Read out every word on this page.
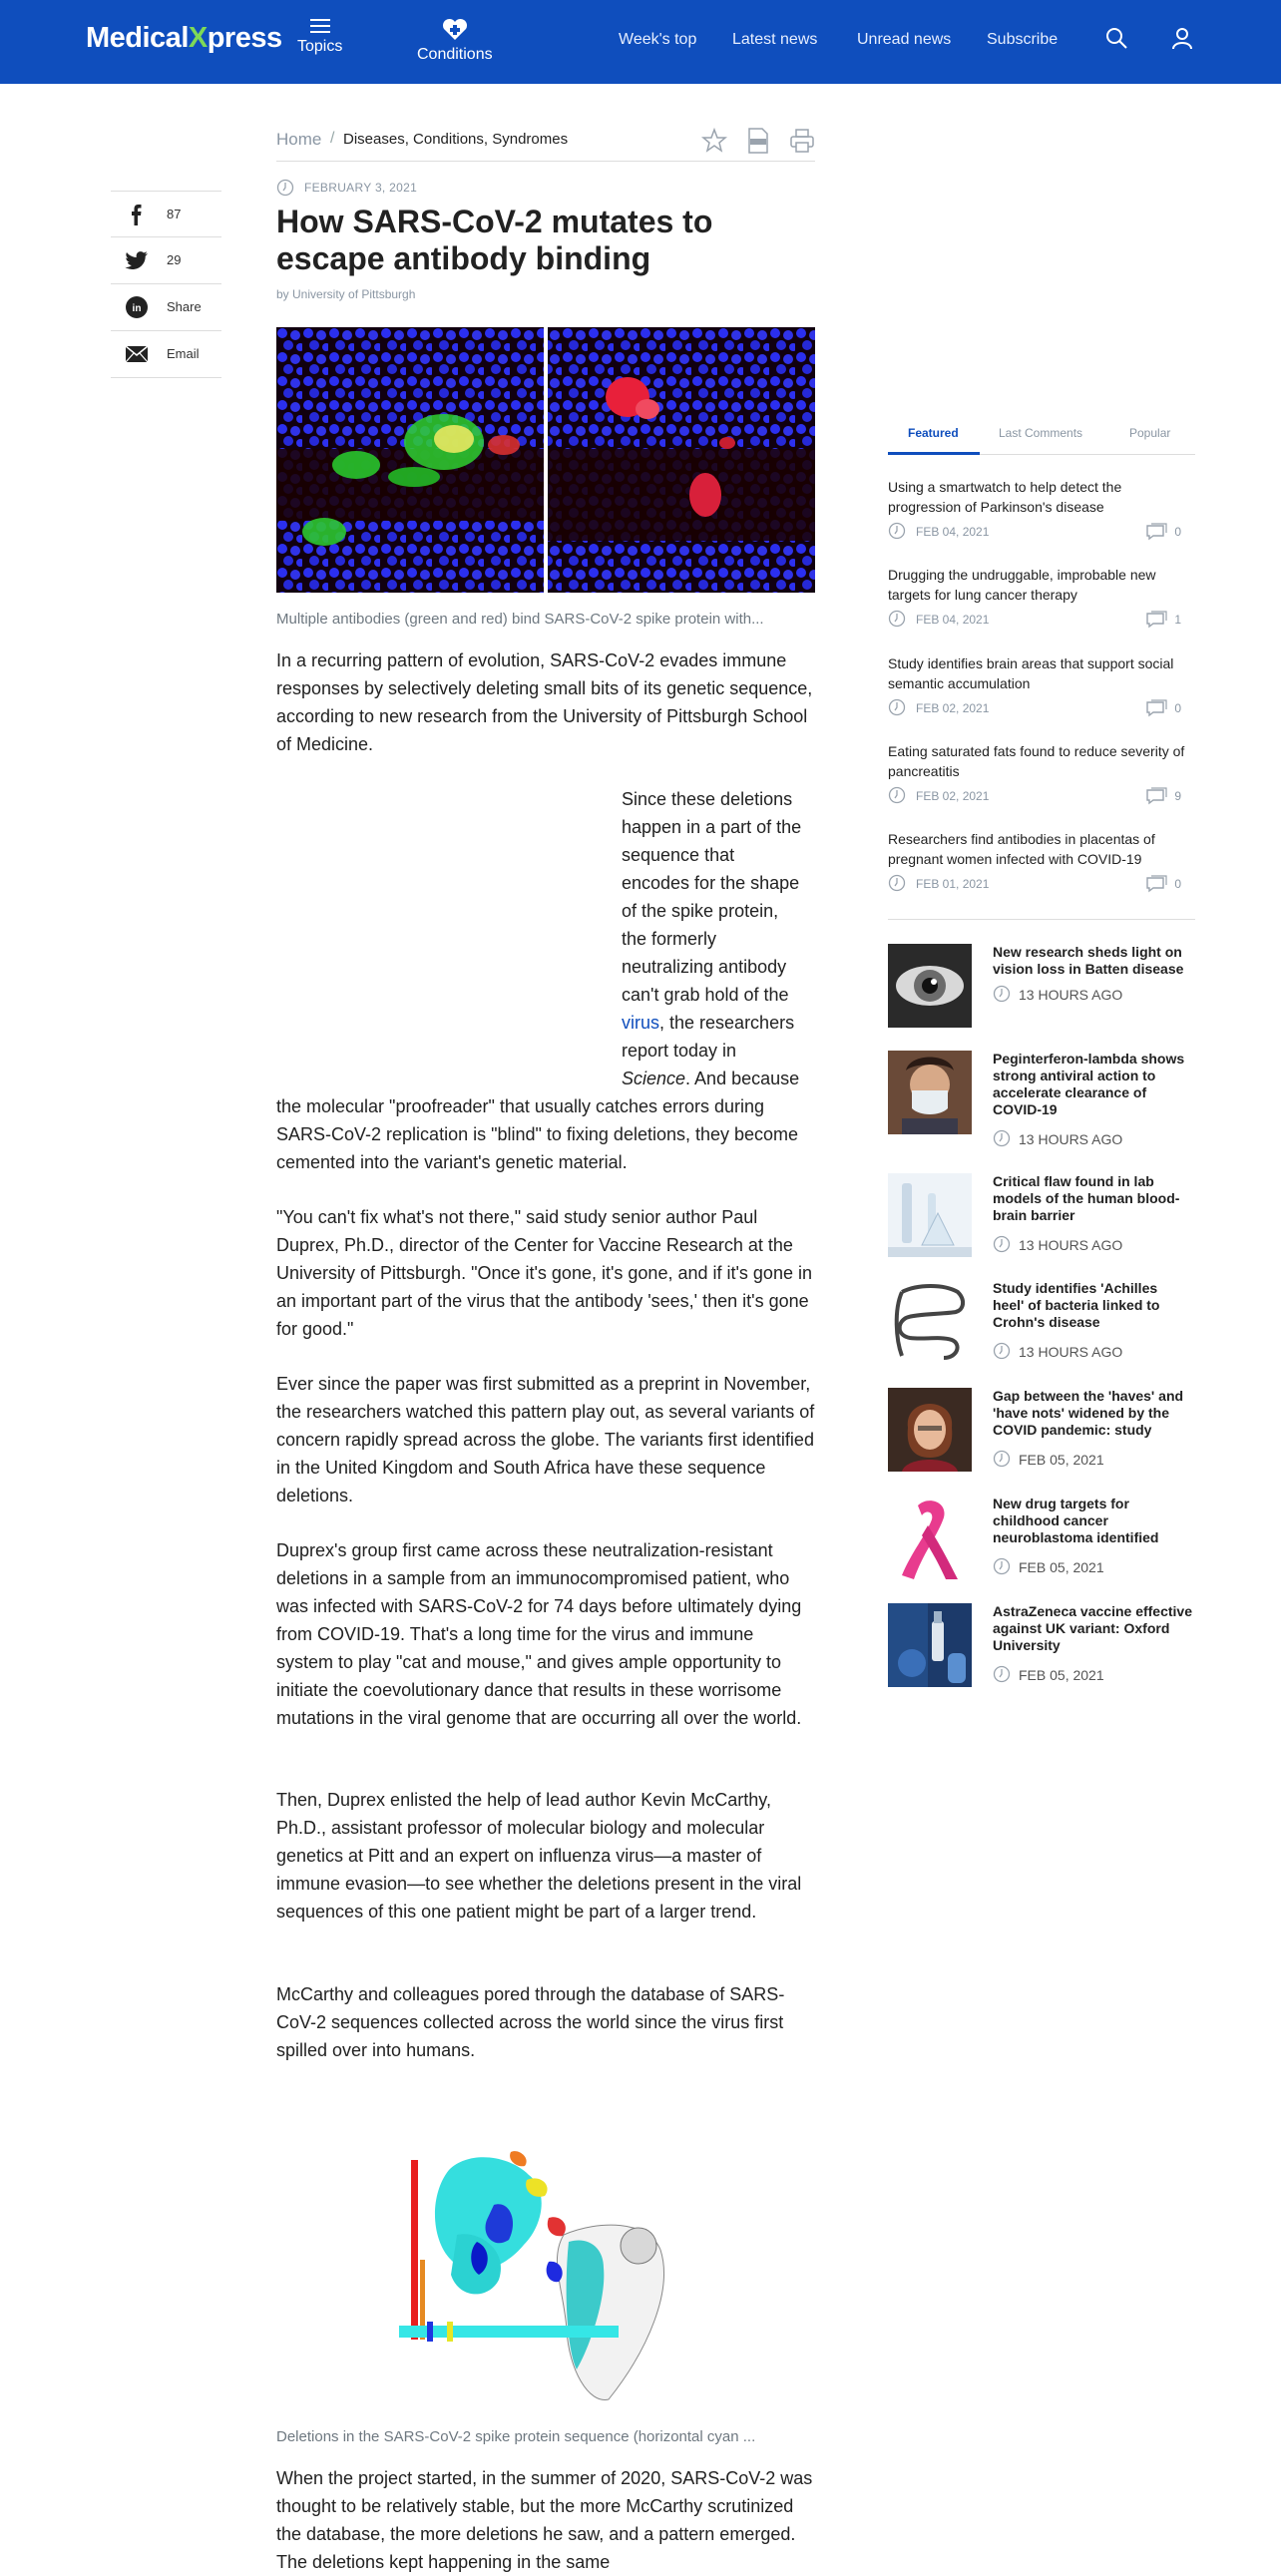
MedicalXpress Topics	Conditions
Week's top Latest news Unread news Subscribe
Home / Diseases, Conditions, Syndromes
87
29
in Share
Email
FEBRUARY 3, 2021
How SARS-CoV-2 mutates to escape antibody binding
by University of Pittsburgh
Multiple antibodies (green and red) bind SARS-CoV-2 spike protein with...

In a recurring pattern of evolution, SARS-CoV-2 evades immune responses by selectively deleting small bits of its genetic sequence, according to new research from the University of Pittsburgh School of Medicine.

Since these deletions
happen in a part of the
sequence that
encodes for the shape
of the spike protein,
the formerly
neutralizing antibody
can't grab hold of the
virus, the researchers
report today in
Science. And because

the molecular "proofreader" that usually catches errors during SARS-CoV-2 replication is "blind" to fixing deletions, they become cemented into the variant's genetic material.

"You can't fix what's not there," said study senior author Paul Duprex, Ph.D., director of the Center for Vaccine Research at the University of Pittsburgh. "Once it's gone, it's gone, and if it's gone in an important part of the virus that the antibody 'sees,' then it's gone for good."

Ever since the paper was first submitted as a preprint in November, the researchers watched this pattern play out, as several variants of concern rapidly spread across the globe. The variants first identified in the United Kingdom and South Africa have these sequence deletions.

Duprex's group first came across these neutralization-resistant deletions in a sample from an immunocompromised patient, who was infected with SARS-CoV-2 for 74 days before ultimately dying from COVID-19. That's a long time for the virus and immune system to play "cat and mouse," and gives ample opportunity to initiate the coevolutionary dance that results in these worrisome mutations in the viral genome that are occurring all over the world.

Then, Duprex enlisted the help of lead author Kevin McCarthy, Ph.D., assistant professor of molecular biology and molecular genetics at Pitt and an expert on influenza virus—a master of immune evasion—to see whether the deletions present in the viral sequences of this one patient might be part of a larger trend.

McCarthy and colleagues pored through the database of SARS-CoV-2 sequences collected across the world since the virus first spilled over into humans.

Deletions in the SARS-CoV-2 spike protein sequence (horizontal cyan ...

When the project started, in the summer of 2020, SARS-CoV-2 was thought to be relatively stable, but the more McCarthy scrutinized the database, the more deletions he saw, and a pattern emerged. The deletions kept happening in the same

Featured	Last Comments	Popular
Using a smartwatch to help detect the progression of Parkinson's disease
FEB 04, 2021	0
Drugging the undruggable, improbable new targets for lung cancer therapy
FEB 04, 2021	1
Study identifies brain areas that support social semantic accumulation
FEB 02, 2021	0
Eating saturated fats found to reduce severity of pancreatitis
FEB 02, 2021	9
Researchers find antibodies in placentas of pregnant women infected with COVID-19
FEB 01, 2021	0
New research sheds light on vision loss in Batten disease
13 HOURS AGO
Peginterferon-lambda shows strong antiviral action to accelerate clearance of COVID-19
13 HOURS AGO
Critical flaw found in lab models of the human blood-brain barrier
13 HOURS AGO
Study identifies 'Achilles heel' of bacteria linked to Crohn's disease
13 HOURS AGO
Gap between the 'haves' and 'have nots' widened by the COVID pandemic: study
FEB 05, 2021
New drug targets for childhood cancer neuroblastoma identified
FEB 05, 2021
AstraZeneca vaccine effective against UK variant: Oxford University
FEB 05, 2021
